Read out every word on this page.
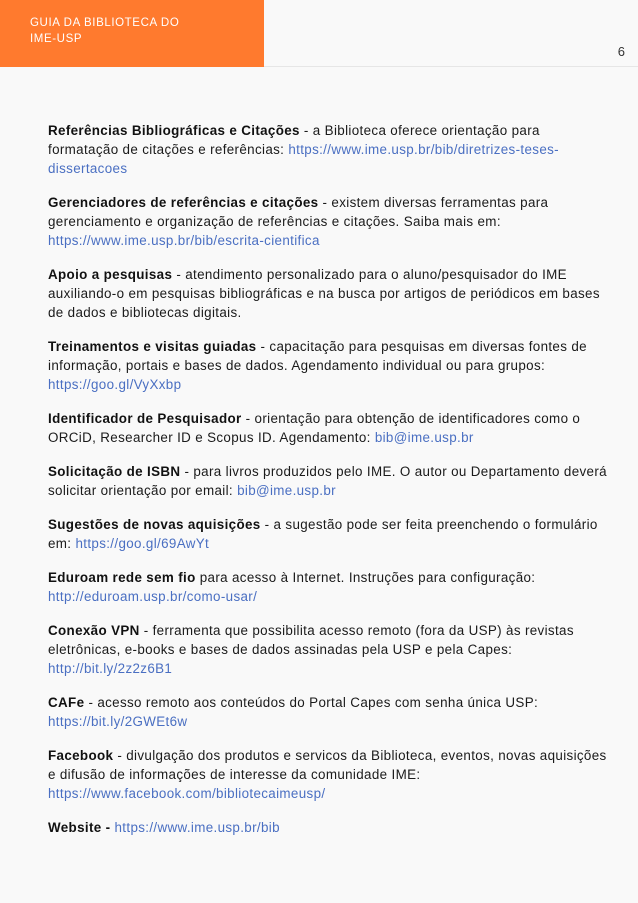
GUIA DA BIBLIOTECA DO
IME-USP
6

Referências Bibliográficas e Citações - a Biblioteca oferece orientação para formatação de citações e referências: https://www.ime.usp.br/bib/diretrizes-teses-dissertacoes

Gerenciadores de referências e citações - existem diversas ferramentas para gerenciamento e organização de referências e citações. Saiba mais em: https://www.ime.usp.br/bib/escrita-cientifica

Apoio a pesquisas - atendimento personalizado para o aluno/pesquisador do IME auxiliando-o em pesquisas bibliográficas e na busca por artigos de periódicos em bases de dados e bibliotecas digitais.

Treinamentos e visitas guiadas - capacitação para pesquisas em diversas fontes de informação, portais e bases de dados. Agendamento individual ou para grupos: https://goo.gl/VyXxbp

Identificador de Pesquisador - orientação para obtenção de identificadores como o ORCiD, Researcher ID e Scopus ID. Agendamento: bib@ime.usp.br

Solicitação de ISBN - para livros produzidos pelo IME. O autor ou Departamento deverá solicitar orientação por email: bib@ime.usp.br

Sugestões de novas aquisições - a sugestão pode ser feita preenchendo o formulário em: https://goo.gl/69AwYt

Eduroam rede sem fio para acesso à Internet. Instruções para configuração: http://eduroam.usp.br/como-usar/

Conexão VPN - ferramenta que possibilita acesso remoto (fora da USP) às revistas eletrônicas, e-books e bases de dados assinadas pela USP e pela Capes: http://bit.ly/2z2z6B1

CAFe - acesso remoto aos conteúdos do Portal Capes com senha única USP: https://bit.ly/2GWEt6w

Facebook - divulgação dos produtos e servicos da Biblioteca, eventos, novas aquisições e difusão de informações de interesse da comunidade IME: https://www.facebook.com/bibliotecaimeusp/

Website - https://www.ime.usp.br/bib
